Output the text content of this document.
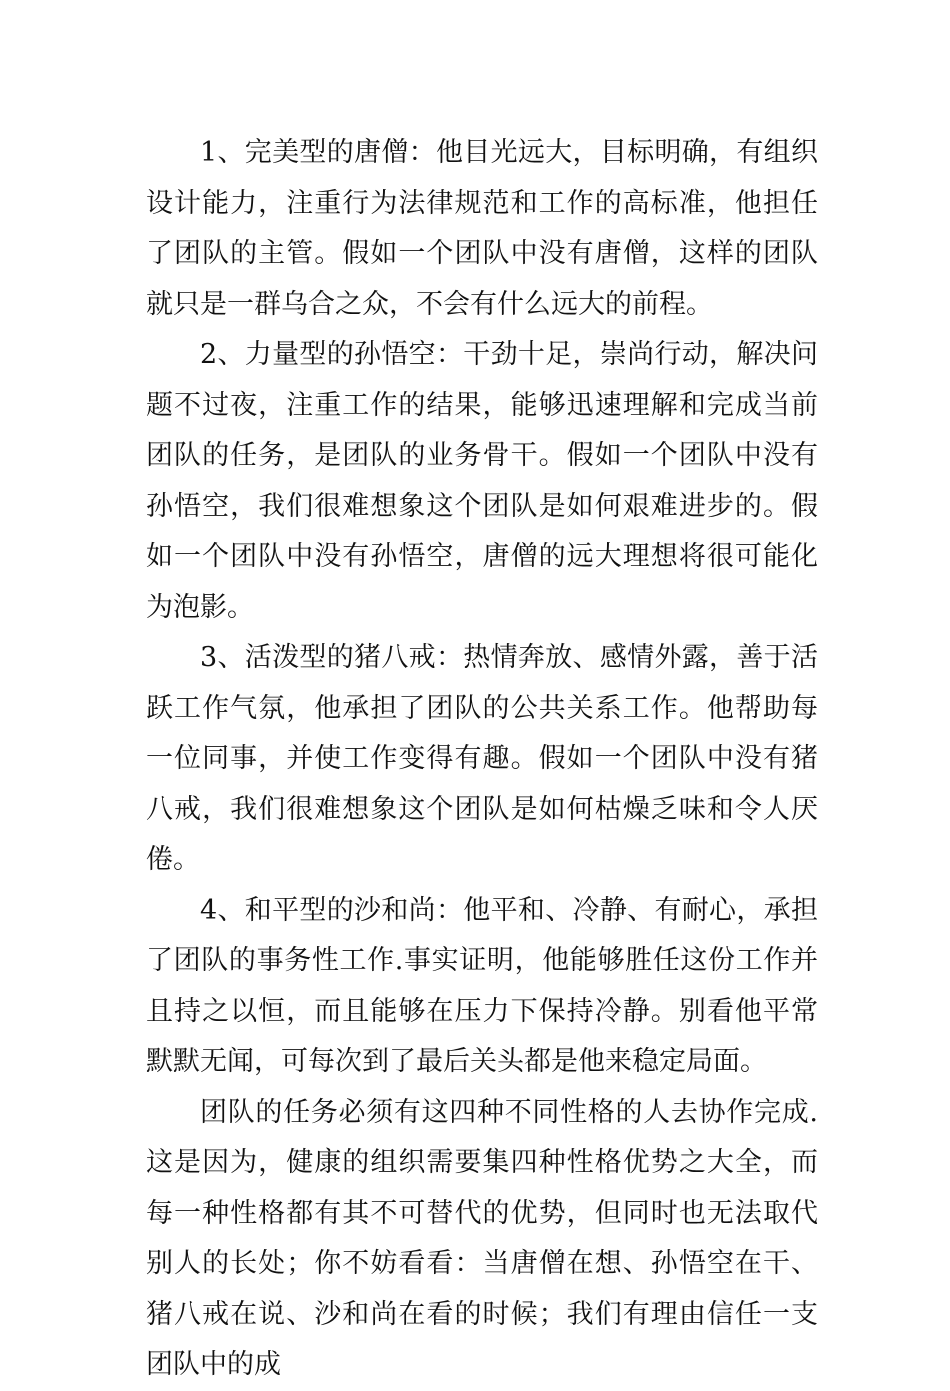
1、完美型的唐僧：他目光远大，目标明确，有组织设计能力，注重行为法律规范和工作的高标准，他担任了团队的主管。假如一个团队中没有唐僧，这样的团队就只是一群乌合之众，不会有什么远大的前程。

2、力量型的孙悟空：干劲十足，崇尚行动，解决问题不过夜，注重工作的结果，能够迅速理解和完成当前团队的任务，是团队的业务骨干。假如一个团队中没有孙悟空，我们很难想象这个团队是如何艰难进步的。假如一个团队中没有孙悟空，唐僧的远大理想将很可能化为泡影。

3、活泼型的猪八戒：热情奔放、感情外露，善于活跃工作气氛，他承担了团队的公共关系工作。他帮助每一位同事，并使工作变得有趣。假如一个团队中没有猪八戒，我们很难想象这个团队是如何枯燥乏味和令人厌倦。

4、和平型的沙和尚：他平和、冷静、有耐心，承担了团队的事务性工作.事实证明，他能够胜任这份工作并且持之以恒，而且能够在压力下保持冷静。别看他平常默默无闻，可每次到了最后关头都是他来稳定局面。

团队的任务必须有这四种不同性格的人去协作完成.这是因为，健康的组织需要集四种性格优势之大全，而每一种性格都有其不可替代的优势，但同时也无法取代别人的长处；你不妨看看：当唐僧在想、孙悟空在干、猪八戒在说、沙和尚在看的时候；我们有理由信任一支团队中的成
